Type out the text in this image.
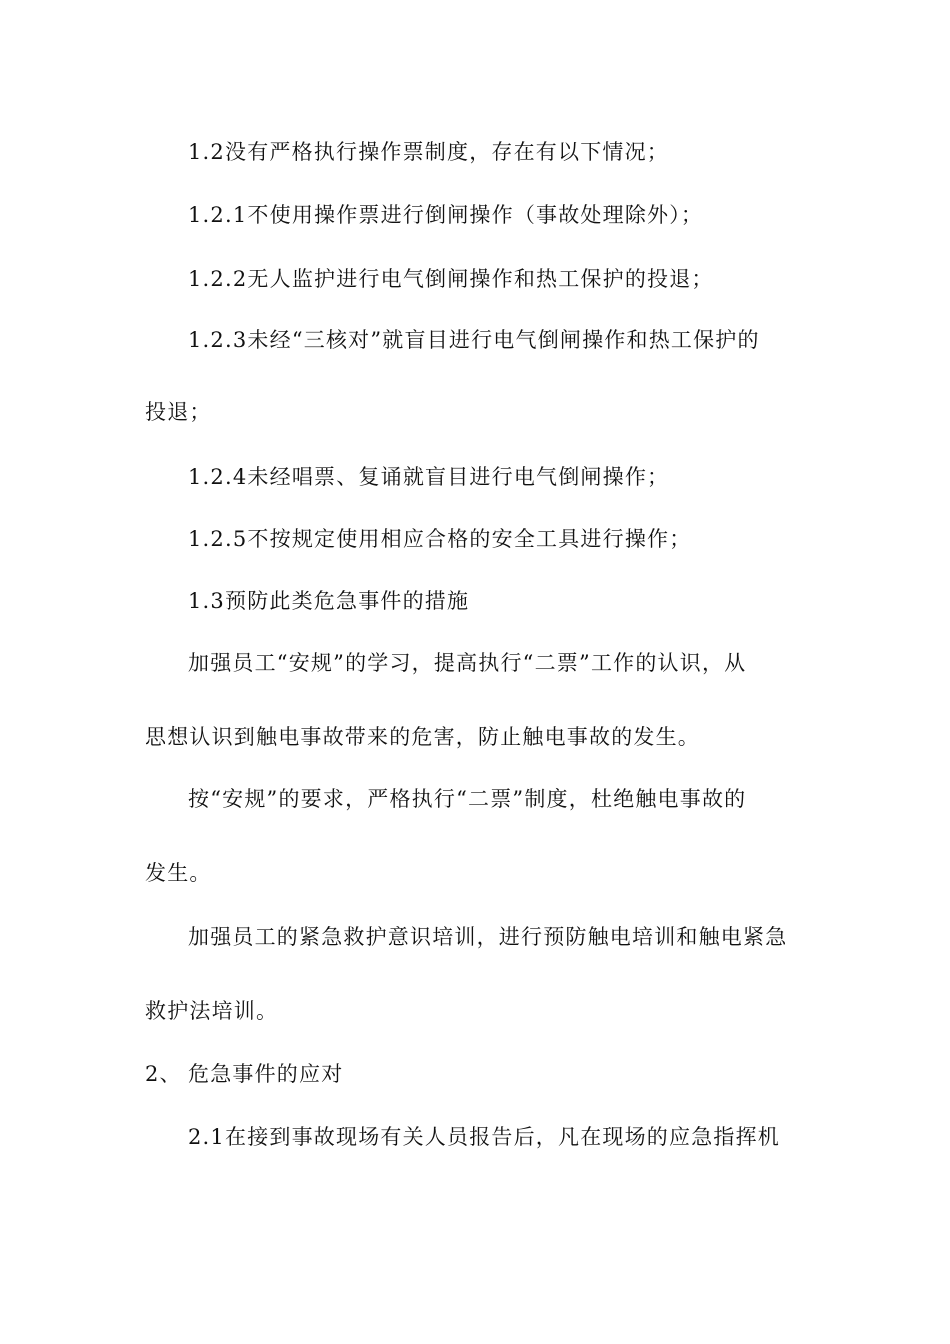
1.2没有严格执行操作票制度，存在有以下情况；
1.2.1不使用操作票进行倒闸操作（事故处理除外）；
1.2.2无人监护进行电气倒闸操作和热工保护的投退；
1.2.3未经“三核对”就盲目进行电气倒闸操作和热工保护的
投退；
1.2.4未经唱票、复诵就盲目进行电气倒闸操作；
1.2.5不按规定使用相应合格的安全工具进行操作；
1.3预防此类危急事件的措施
加强员工“安规”的学习，提高执行“二票”工作的认识，从
思想认识到触电事故带来的危害，防止触电事故的发生。
按“安规”的要求，严格执行“二票”制度，杜绝触电事故的
发生。
加强员工的紧急救护意识培训，进行预防触电培训和触电紧急
救护法培训。
2、 危急事件的应对
2.1在接到事故现场有关人员报告后，凡在现场的应急指挥机
